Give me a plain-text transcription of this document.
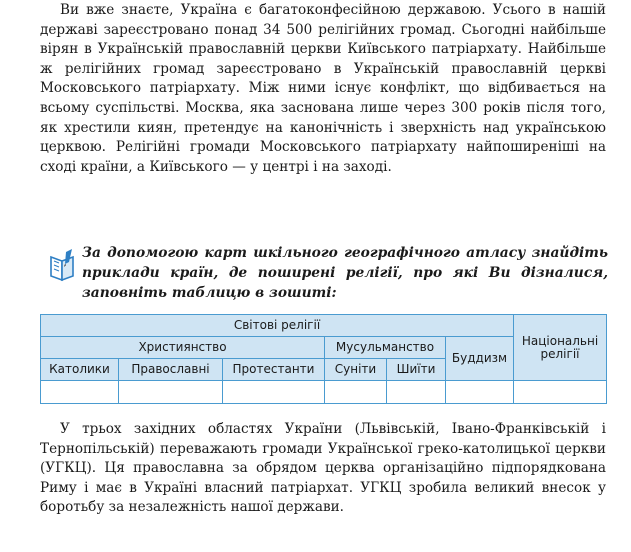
Ви вже знаєте, Україна є багатоконфесійною державою. Усього в нашій державі зареєстровано понад 34 500 релігійних громад. Сьогодні найбільше вірян в Українській православній церкви Київського патріархату. Найбільше ж релігійних громад зареєстровано в Українській православній церкві Московського патріархату. Між ними існує конфлікт, що відбивається на всьому суспільстві. Москва, яка заснована лише через 300 років після того, як хрестили киян, претендує на канонічність і зверхність над українською церквою. Релігійні громади Московського патріархату найпоширеніші на сході країни, а Київського — у центрі і на заході.

За допомогою карт шкільного географічного атласу знайдіть приклади країн, де поширені релігії, про які Ви дізналися, заповніть таблицю в зошиті:

Світові релігії						Національні релігії
Християнство			Мусульманство		Буддизм	
Католики	Православні	Протестанти	Суніти	Шиїти		

У трьох західних областях України (Львівській, Івано-Франківській і Тернопільській) переважають громади Української греко-католицької церкви (УГКЦ). Ця православна за обрядом церква організаційно підпорядкована Риму і має в Україні власний патріархат. УГКЦ зробила великий внесок у боротьбу за незалежність нашої держави.
